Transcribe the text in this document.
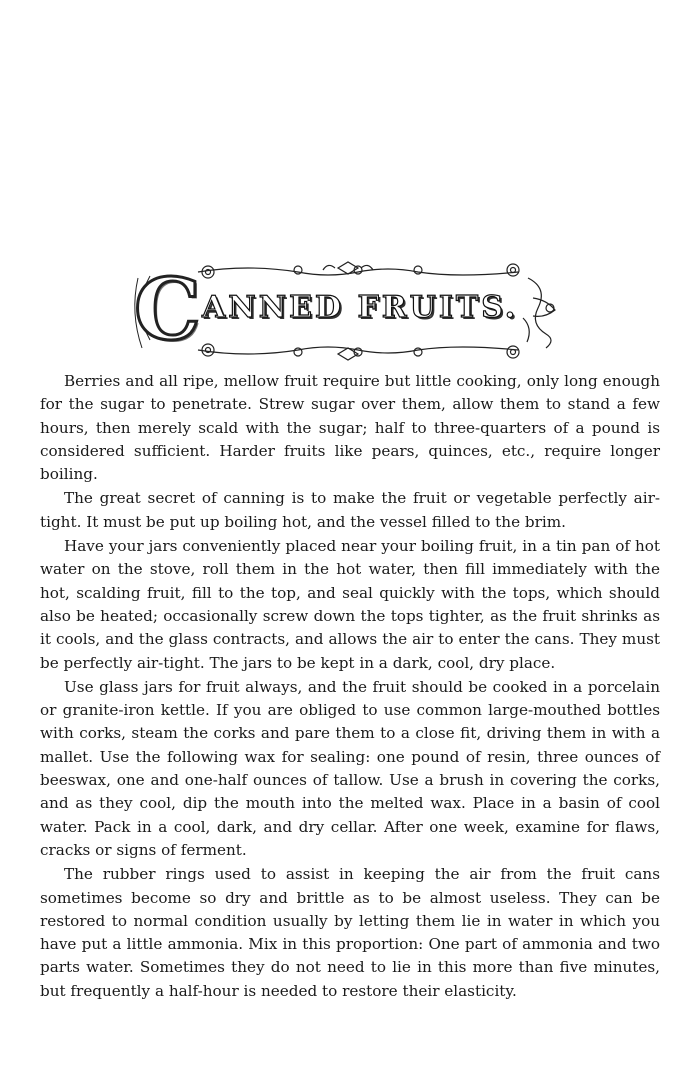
C ANNED FRUITS.

Berries and all ripe, mellow fruit require but little cooking, only long enough for the sugar to penetrate. Strew sugar over them, allow them to stand a few hours, then merely scald with the sugar; half to three-quarters of a pound is considered sufficient. Harder fruits like pears, quinces, etc., require longer boiling.

The great secret of canning is to make the fruit or vegetable perfectly air-tight. It must be put up boiling hot, and the vessel filled to the brim.

Have your jars conveniently placed near your boiling fruit, in a tin pan of hot water on the stove, roll them in the hot water, then fill immediately with the hot, scalding fruit, fill to the top, and seal quickly with the tops, which should also be heated; occasionally screw down the tops tighter, as the fruit shrinks as it cools, and the glass contracts, and allows the air to enter the cans. They must be perfectly air-tight. The jars to be kept in a dark, cool, dry place.

Use glass jars for fruit always, and the fruit should be cooked in a porcelain or granite-iron kettle. If you are obliged to use common large-mouthed bottles with corks, steam the corks and pare them to a close fit, driving them in with a mallet. Use the following wax for sealing: one pound of resin, three ounces of beeswax, one and one-half ounces of tallow. Use a brush in covering the corks, and as they cool, dip the mouth into the melted wax. Place in a basin of cool water. Pack in a cool, dark, and dry cellar. After one week, examine for flaws, cracks or signs of ferment.

The rubber rings used to assist in keeping the air from the fruit cans sometimes become so dry and brittle as to be almost useless. They can be restored to normal condition usually by letting them lie in water in which you have put a little ammonia. Mix in this proportion: One part of ammonia and two parts water. Sometimes they do not need to lie in this more than five minutes, but frequently a half-hour is needed to restore their elasticity.
